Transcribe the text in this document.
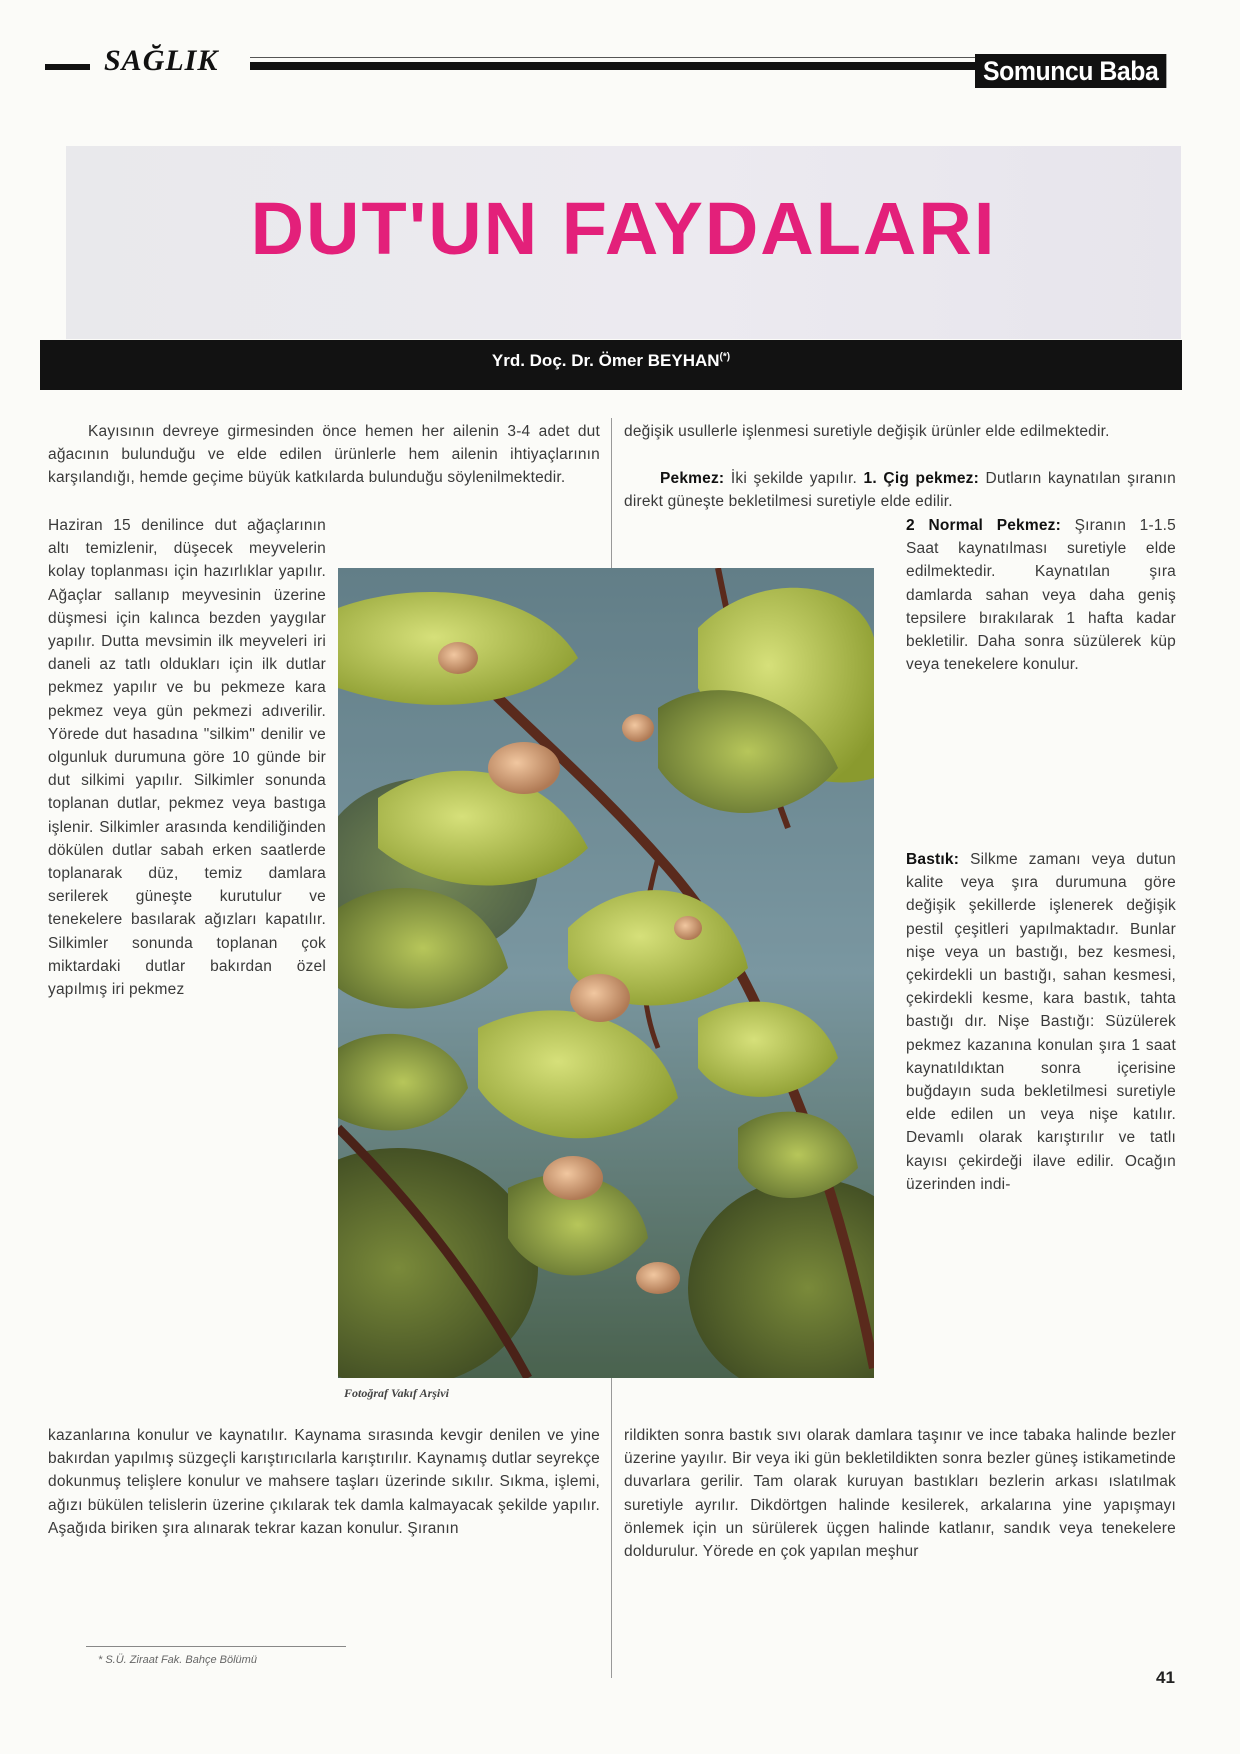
SAĞLIK	Somuncu Baba
DUT'UN FAYDALARI
Yrd. Doç. Dr. Ömer BEYHAN(*)
Kayısının devreye girmesinden önce hemen her ailenin 3-4 adet dut ağacının bulunduğu ve elde edilen ürünlerle hem ailenin ihtiyaçlarının karşılandığı, hemde geçime büyük katkılarda bulunduğu söylenilmektedir.
Haziran 15 denilince dut ağaçlarının altı temizlenir, düşecek meyvelerin kolay toplanması için hazırlıklar yapılır. Ağaçlar sallanıp meyvesinin üzerine düşmesi için kalınca bezden yaygılar yapılır. Dutta mevsimin ilk meyveleri iri daneli az tatlı oldukları için ilk dutlar pekmez yapılır ve bu pekmeze kara pekmez veya gün pekmezi adıverilir. Yörede dut hasadına "silkim" denilir ve olgunluk durumuna göre 10 günde bir dut silkimi yapılır. Silkimler sonunda toplanan dutlar, pekmez veya bastıga işlenir. Silkimler arasında kendiliğinden dökülen dutlar sabah erken saatlerde toplanarak düz, temiz damlara serilerek güneşte kurutulur ve tenekelere basılarak ağızları kapatılır. Silkimler sonunda toplanan çok miktardaki dutlar bakırdan özel yapılmış iri pekmez
kazanlarına konulur ve kaynatılır. Kaynama sırasında kevgir denilen ve yine bakırdan yapılmış süzgeçli karıştırıcılarla karıştırılır. Kaynamış dutlar seyrekçe dokunmuş telişlere konulur ve mahsere taşları üzerinde sıkılır. Sıkma, işlemi, ağızı bükülen telislerin üzerine çıkılarak tek damla kalmayacak şekilde yapılır. Aşağıda biriken şıra alınarak tekrar kazan konulur. Şıranın
değişik usullerle işlenmesi suretiyle değişik ürünler elde edilmektedir.
Pekmez: İki şekilde yapılır. 1. Çig pekmez: Dutların kaynatılan şıranın direkt güneşte bekletilmesi suretiyle elde edilir.
2 Normal Pekmez: Şıranın 1-1.5 Saat kaynatılması suretiyle elde edilmektedir. Kaynatılan şıra damlarda sahan veya daha geniş tepsilere bırakılarak 1 hafta kadar bekletilir. Daha sonra süzülerek küp veya tenekelere konulur.
Bastık: Silkme zamanı veya dutun kalite veya şıra durumuna göre değişik şekillerde işlenerek değişik pestil çeşitleri yapılmaktadır. Bunlar nişe veya un bastığı, bez kesmesi, çekirdekli un bastığı, sahan kesmesi, çekirdekli kesme, kara bastık, tahta bastığı dır. Nişe Bastığı: Süzülerek pekmez kazanına konulan şıra 1 saat kaynatıldıktan sonra içerisine buğdayın suda bekletilmesi suretiyle elde edilen un veya nişe katılır. Devamlı olarak karıştırılır ve tatlı kayısı çekirdeği ilave edilir. Ocağın üzerinden indi-
rildikten sonra bastık sıvı olarak damlara taşınır ve ince tabaka halinde bezler üzerine yayılır. Bir veya iki gün bekletildikten sonra bezler güneş istikametinde duvarlara gerilir. Tam olarak kuruyan bastıkları bezlerin arkası ıslatılmak suretiyle ayrılır. Dikdörtgen halinde kesilerek, arkalarına yine yapışmayı önlemek için un sürülerek üçgen halinde katlanır, sandık veya tenekelere doldurulur. Yörede en çok yapılan meşhur
Fotoğraf Vakıf Arşivi
* S.Ü. Ziraat Fak. Bahçe Bölümü
41
